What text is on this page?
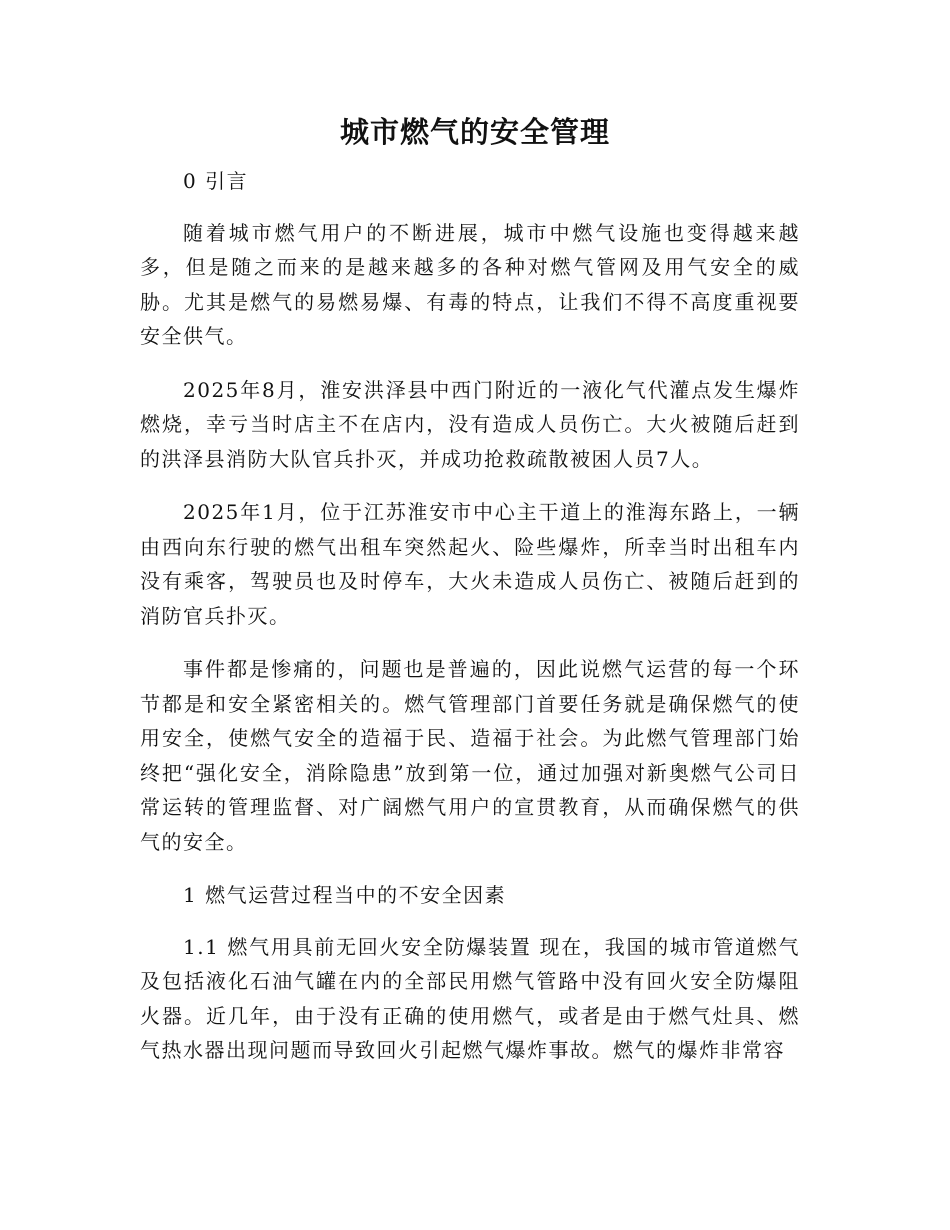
城市燃气的安全管理

0 引言

随着城市燃气用户的不断进展，城市中燃气设施也变得越来越多，但是随之而来的是越来越多的各种对燃气管网及用气安全的威胁。尤其是燃气的易燃易爆、有毒的特点，让我们不得不高度重视要安全供气。

2025年8月，淮安洪泽县中西门附近的一液化气代灌点发生爆炸燃烧，幸亏当时店主不在店内，没有造成人员伤亡。大火被随后赶到的洪泽县消防大队官兵扑灭，并成功抢救疏散被困人员7人。

2025年1月，位于江苏淮安市中心主干道上的淮海东路上，一辆由西向东行驶的燃气出租车突然起火、险些爆炸，所幸当时出租车内没有乘客，驾驶员也及时停车，大火未造成人员伤亡、被随后赶到的消防官兵扑灭。

事件都是惨痛的，问题也是普遍的，因此说燃气运营的每一个环节都是和安全紧密相关的。燃气管理部门首要任务就是确保燃气的使用安全，使燃气安全的造福于民、造福于社会。为此燃气管理部门始终把“强化安全，消除隐患”放到第一位，通过加强对新奥燃气公司日常运转的管理监督、对广阔燃气用户的宣贯教育，从而确保燃气的供气的安全。

1 燃气运营过程当中的不安全因素

1.1 燃气用具前无回火安全防爆装置 现在，我国的城市管道燃气及包括液化石油气罐在内的全部民用燃气管路中没有回火安全防爆阻火器。近几年，由于没有正确的使用燃气，或者是由于燃气灶具、燃气热水器出现问题而导致回火引起燃气爆炸事故。燃气的爆炸非常容
